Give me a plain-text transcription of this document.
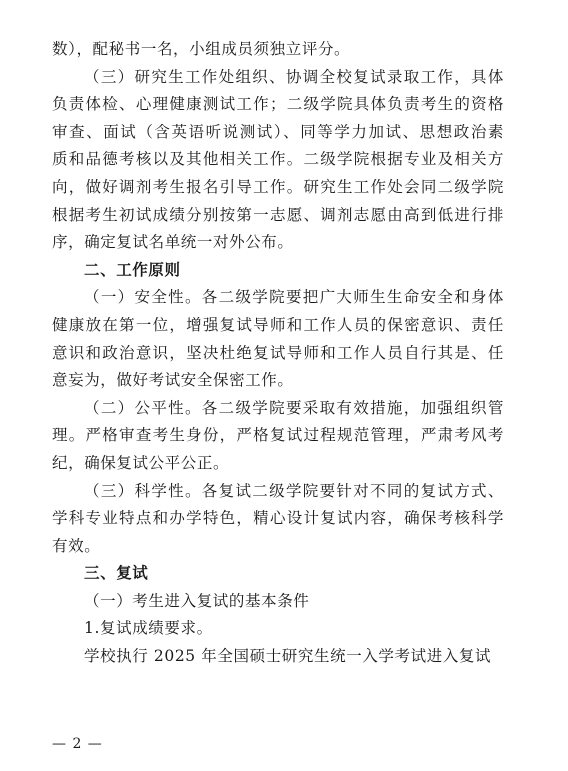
数），配秘书一名，小组成员须独立评分。
（三）研究生工作处组织、协调全校复试录取工作，具体
负责体检、心理健康测试工作；二级学院具体负责考生的资格
审查、面试（含英语听说测试）、同等学力加试、思想政治素
质和品德考核以及其他相关工作。二级学院根据专业及相关方
向，做好调剂考生报名引导工作。研究生工作处会同二级学院
根据考生初试成绩分别按第一志愿、调剂志愿由高到低进行排
序，确定复试名单统一对外公布。
二、工作原则
（一）安全性。各二级学院要把广大师生生命安全和身体
健康放在第一位，增强复试导师和工作人员的保密意识、责任
意识和政治意识，坚决杜绝复试导师和工作人员自行其是、任
意妄为，做好考试安全保密工作。
（二）公平性。各二级学院要采取有效措施，加强组织管
理。严格审查考生身份，严格复试过程规范管理，严肃考风考
纪，确保复试公平公正。
（三）科学性。各复试二级学院要针对不同的复试方式、
学科专业特点和办学特色，精心设计复试内容，确保考核科学
有效。
三、复试
（一）考生进入复试的基本条件
1.复试成绩要求。
学校执行 2025 年全国硕士研究生统一入学考试进入复试
— 2 —
